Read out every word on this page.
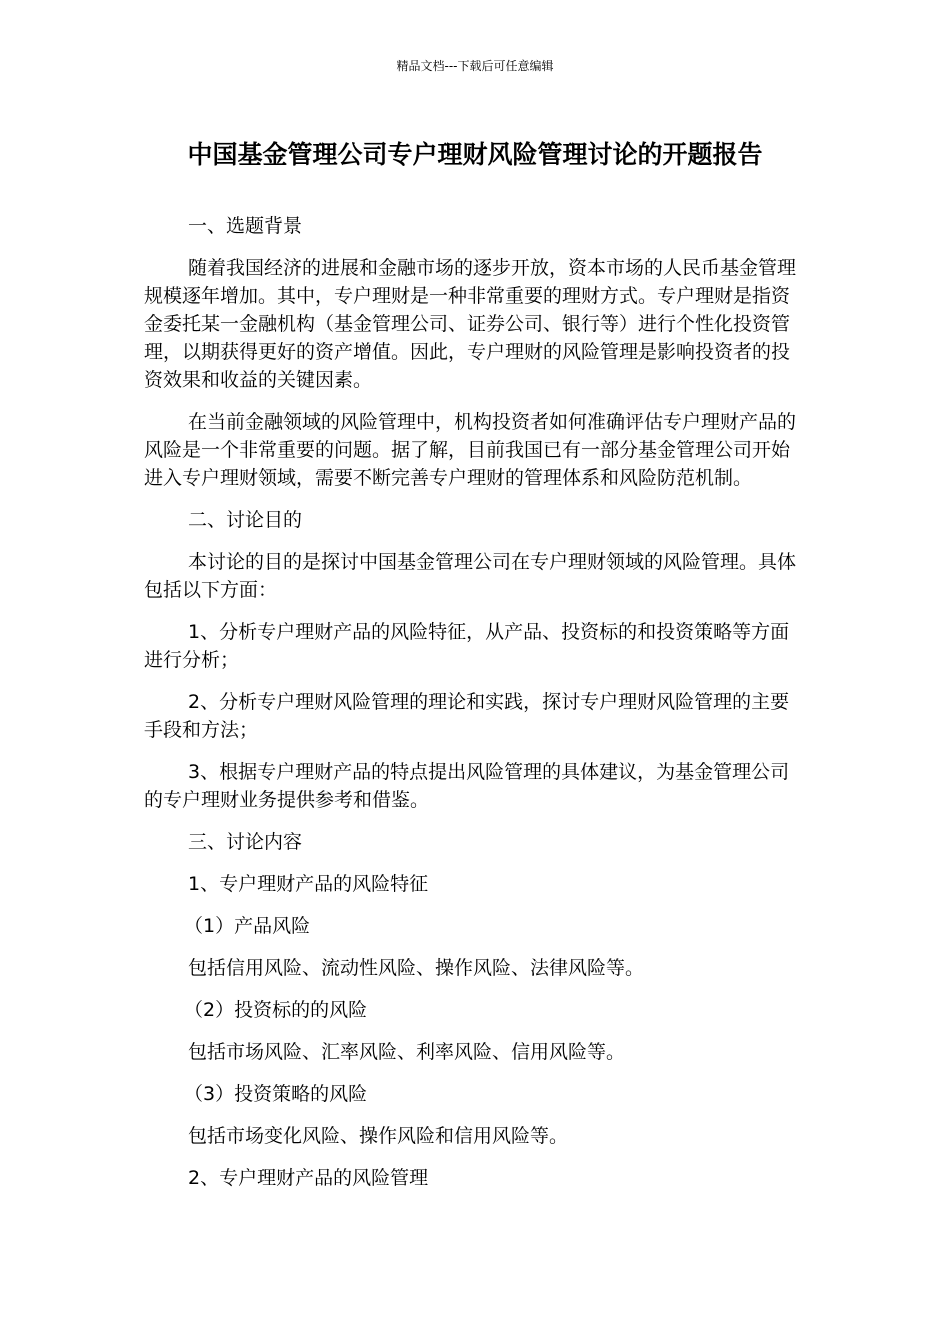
精品文档---下载后可任意编辑
中国基金管理公司专户理财风险管理讨论的开题报告

一、选题背景

随着我国经济的进展和金融市场的逐步开放，资本市场的人民币基金管理规模逐年增加。其中，专户理财是一种非常重要的理财方式。专户理财是指资金委托某一金融机构（基金管理公司、证券公司、银行等）进行个性化投资管理，以期获得更好的资产增值。因此，专户理财的风险管理是影响投资者的投资效果和收益的关键因素。

在当前金融领域的风险管理中，机构投资者如何准确评估专户理财产品的风险是一个非常重要的问题。据了解，目前我国已有一部分基金管理公司开始进入专户理财领域，需要不断完善专户理财的管理体系和风险防范机制。

二、讨论目的

本讨论的目的是探讨中国基金管理公司在专户理财领域的风险管理。具体包括以下方面：

1、分析专户理财产品的风险特征，从产品、投资标的和投资策略等方面进行分析；

2、分析专户理财风险管理的理论和实践，探讨专户理财风险管理的主要手段和方法；

3、根据专户理财产品的特点提出风险管理的具体建议，为基金管理公司的专户理财业务提供参考和借鉴。

三、讨论内容

1、专户理财产品的风险特征

（1）产品风险

包括信用风险、流动性风险、操作风险、法律风险等。

（2）投资标的的风险

包括市场风险、汇率风险、利率风险、信用风险等。

（3）投资策略的风险

包括市场变化风险、操作风险和信用风险等。

2、专户理财产品的风险管理
